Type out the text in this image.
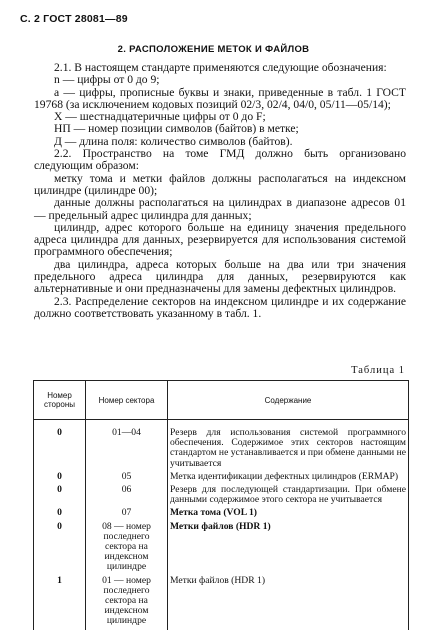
С. 2 ГОСТ 28081—89
2. РАСПОЛОЖЕНИЕ МЕТОК И ФАЙЛОВ

2.1. В настоящем стандарте применяются следующие обозначения:

n — цифры от 0 до 9;

а — цифры, прописные буквы и знаки, приведенные в табл. 1 ГОСТ 19768 (за исключением кодовых позиций 02/3, 02/4, 04/0, 05/11—05/14);

X — шестнадцатеричные цифры от 0 до F;

НП — номер позиции символов (байтов) в метке;

Д — длина поля: количество символов (байтов).

2.2. Пространство на томе ГМД должно быть организовано следующим образом:

метку тома и метки файлов должны располагаться на индексном цилиндре (цилиндре 00);

данные должны располагаться на цилиндрах в диапазоне адресов 01 — предельный адрес цилиндра для данных;

цилиндр, адрес которого больше на единицу значения предельного адреса цилиндра для данных, резервируется для использования системой программного обеспечения;

два цилиндра, адреса которых больше на два или три значения предельного адреса цилиндра для данных, резервируются как альтернативные и они предназначены для замены дефектных цилиндров.

2.3. Распределение секторов на индексном цилиндре и их содержание должно соответствовать указанному в табл. 1.

Таблица 1
Номер стороны	Номер сектора	Содержание
0	01—04	Резерв для использования системой программного обеспечения. Содержимое этих секторов настоящим стандартом не устанавливается и при обмене данными не учитывается
0	05	Метка идентификации дефектных цилиндров (ERMAP)
0	06	Резерв для последующей стандартизации. При обмене данными содержимое этого сектора не учитывается
0	07	Метка тома (VOL 1)
0	08 — номер последнего сектора на индексном цилиндре	Метки файлов (HDR 1)
1	01 — номер последнего сектора на индексном цилиндре	Метки файлов (HDR 1)
